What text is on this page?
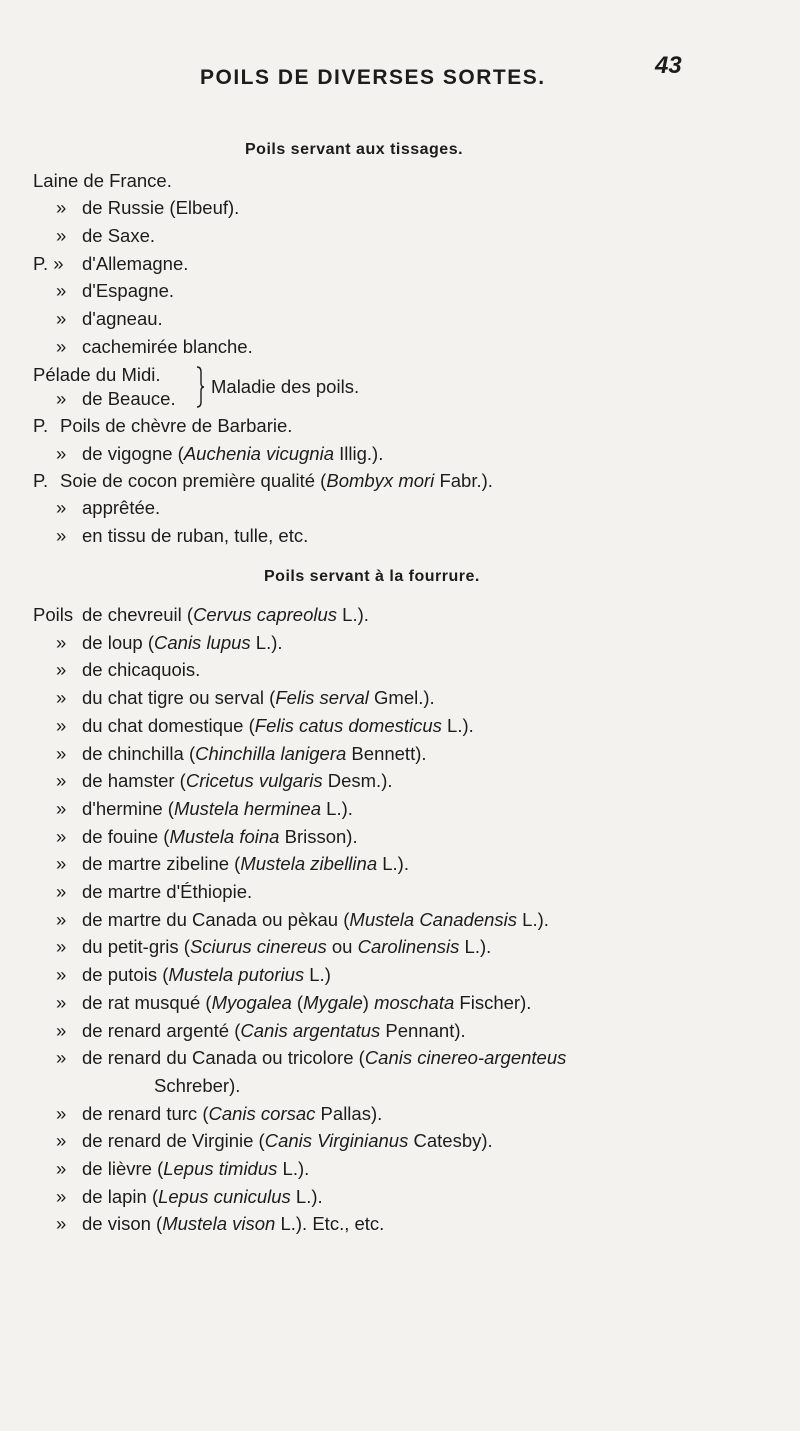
POILS DE DIVERSES SORTES.	43
Poils servant aux tissages.
Laine de France.
» de Russie (Elbeuf).
» de Saxe.
P. » d'Allemagne.
» d'Espagne.
» d'agneau.
» cachemirée blanche.
Pélade du Midi.
» de Beauce.
Maladie des poils.
P. Poils de chèvre de Barbarie.
» de vigogne (Auchenia vicugnia Illig.).
P. Soie de cocon première qualité (Bombyx mori Fabr.).
» apprêtée.
» en tissu de ruban, tulle, etc.
Poils servant à la fourrure.
Poils de chevreuil (Cervus capreolus L.).
» de loup (Canis lupus L.).
» de chicaquois.
» du chat tigre ou serval (Felis serval Gmel.).
» du chat domestique (Felis catus domesticus L.).
» de chinchilla (Chinchilla lanigera Bennett).
» de hamster (Cricetus vulgaris Desm.).
» d'hermine (Mustela herminea L.).
» de fouine (Mustela foina Brisson).
» de martre zibeline (Mustela zibellina L.).
» de martre d'Éthiopie.
» de martre du Canada ou pèkau (Mustela Canadensis L.).
» du petit-gris (Sciurus cinereus ou Carolinensis L.).
» de putois (Mustela putorius L.)
» de rat musqué (Myogalea (Mygale) moschata Fischer).
» de renard argenté (Canis argentatus Pennant).
» de renard du Canada ou tricolore (Canis cinereo-argenteus
Schreber).
» de renard turc (Canis corsac Pallas).
» de renard de Virginie (Canis Virginianus Catesby).
» de lièvre (Lepus timidus L.).
» de lapin (Lepus cuniculus L.).
» de vison (Mustela vison L.). Etc., etc.
